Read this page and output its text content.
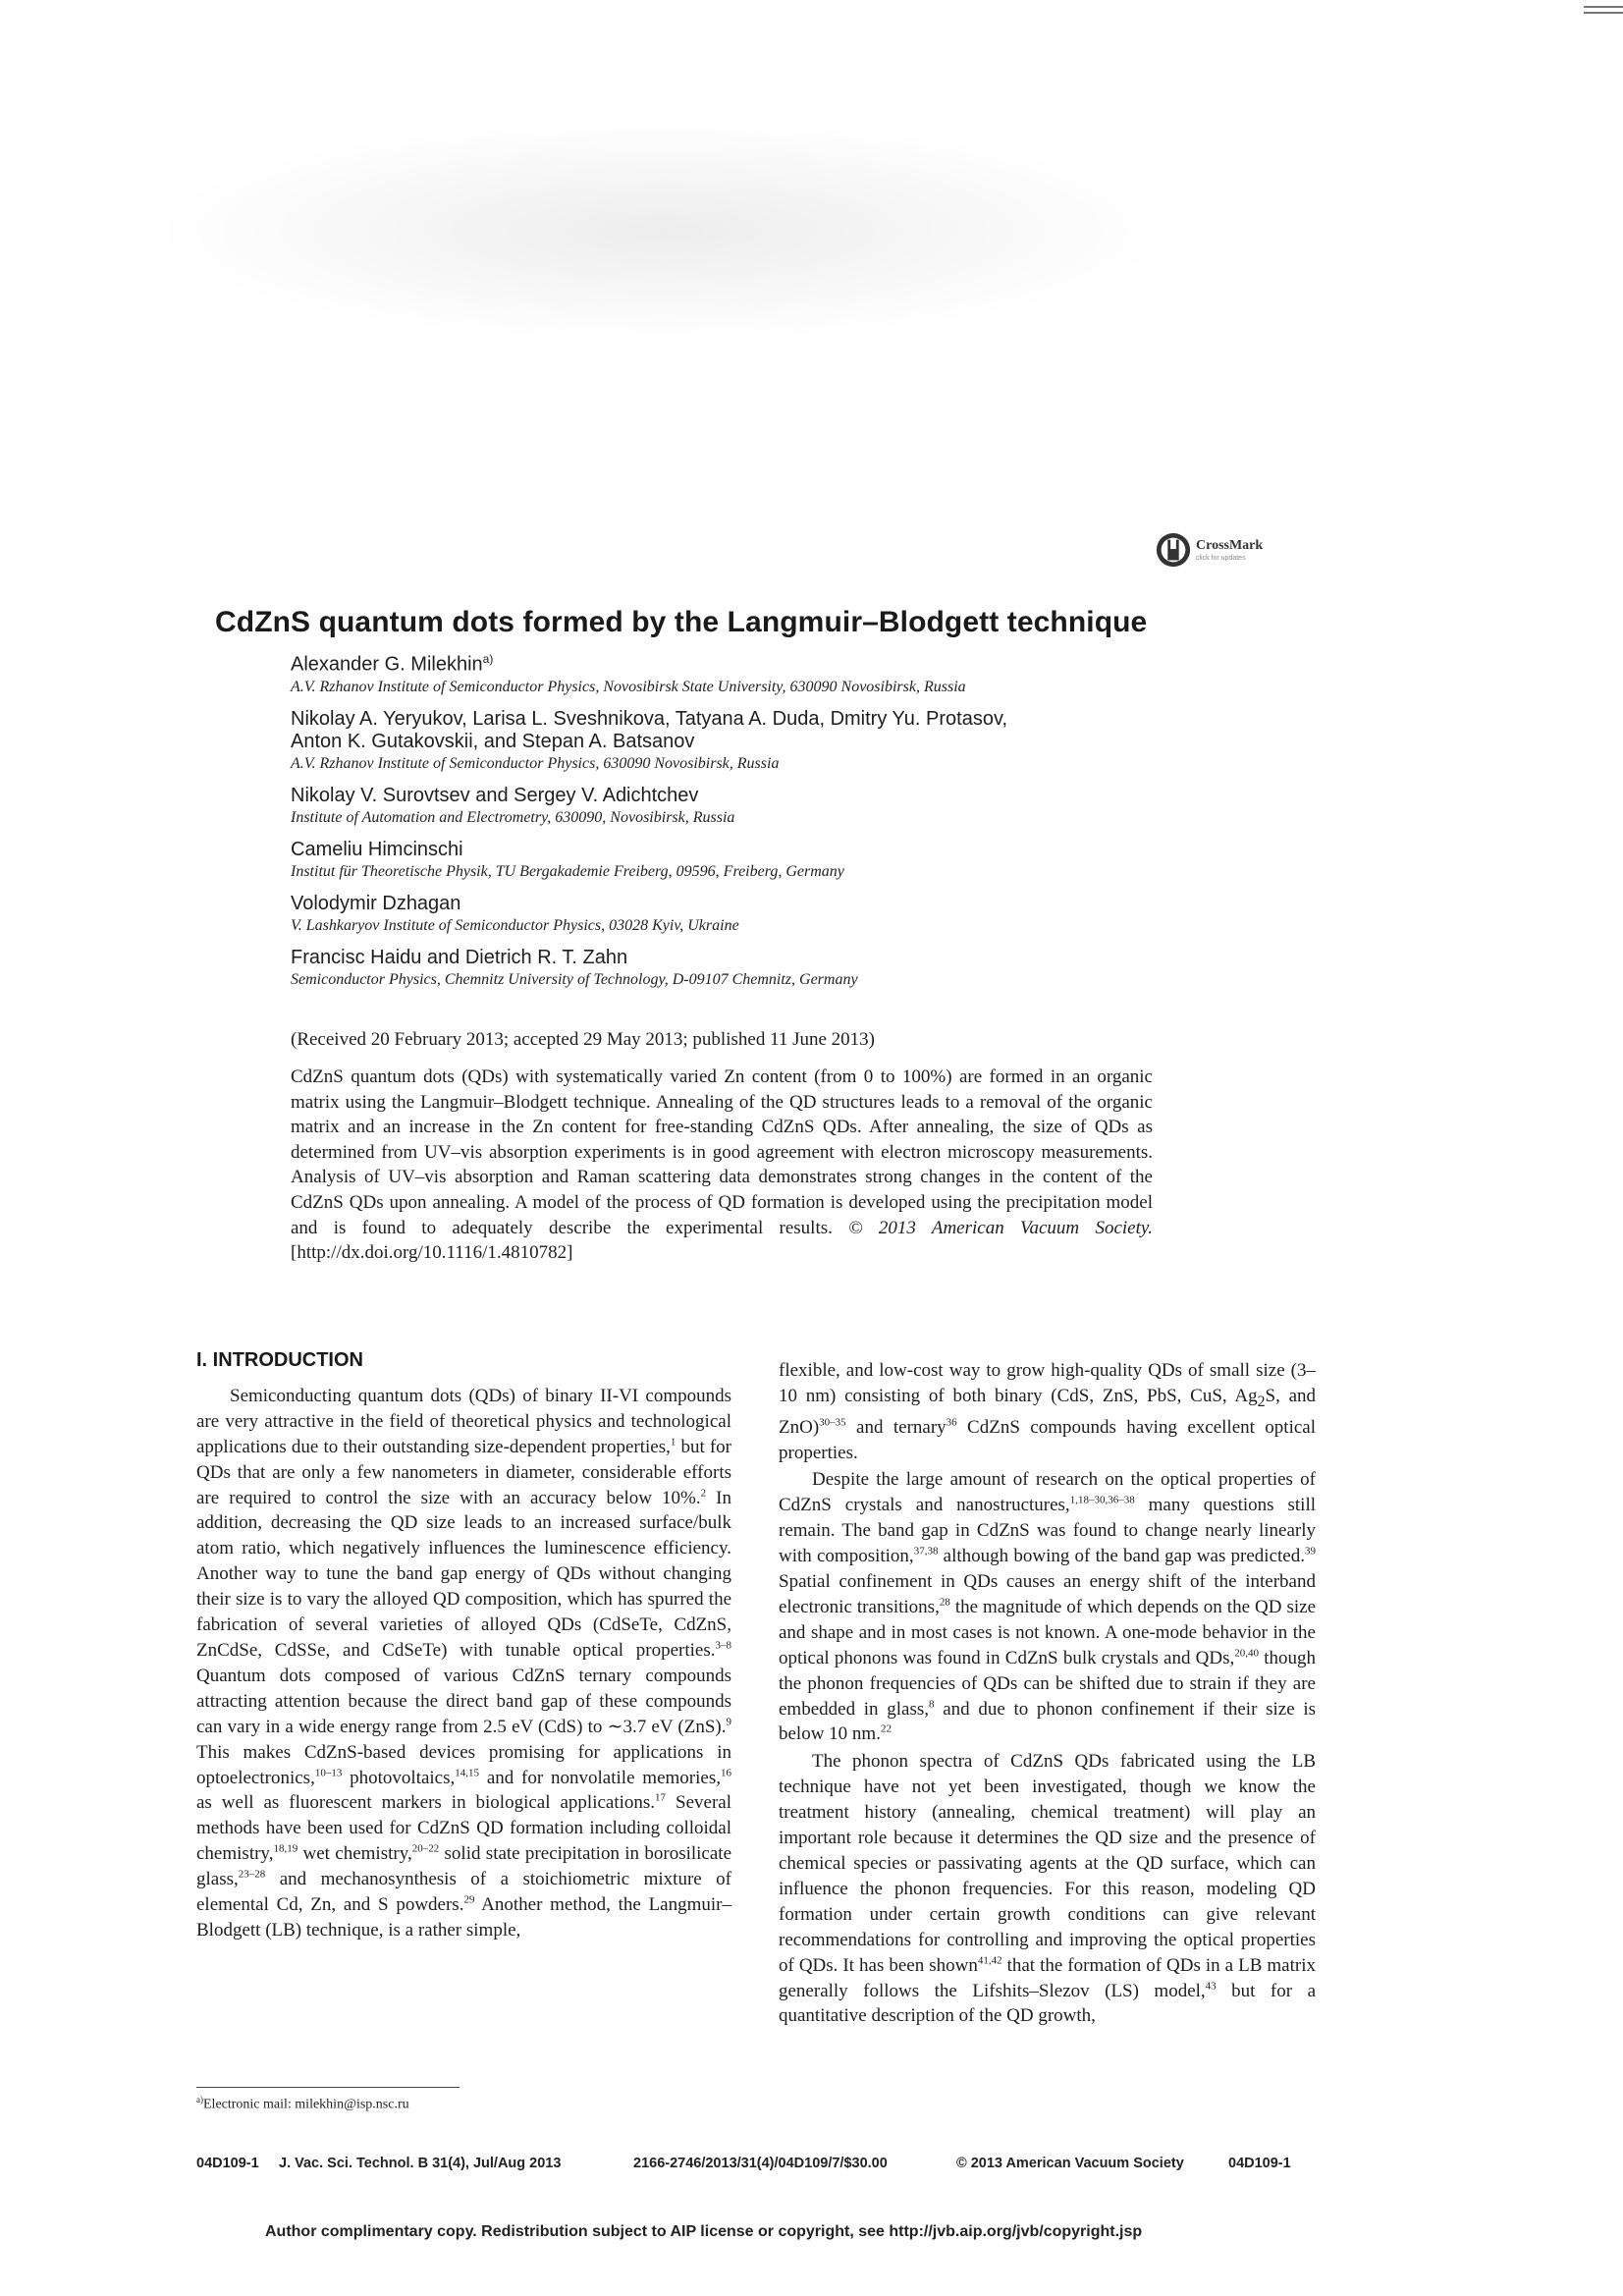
CrossMark
click for updates
CdZnS quantum dots formed by the Langmuir–Blodgett technique
Alexander G. Milekhin$^{a)}$
A.V. Rzhanov Institute of Semiconductor Physics, Novosibirsk State University, 630090 Novosibirsk, Russia
Nikolay A. Yeryukov, Larisa L. Sveshnikova, Tatyana A. Duda, Dmitry Yu. Protasov,
Anton K. Gutakovskii, and Stepan A. Batsanov
A.V. Rzhanov Institute of Semiconductor Physics, 630090 Novosibirsk, Russia
Nikolay V. Surovtsev and Sergey V. Adichtchev
Institute of Automation and Electrometry, 630090, Novosibirsk, Russia
Cameliu Himcinschi
Institut für Theoretische Physik, TU Bergakademie Freiberg, 09596, Freiberg, Germany
Volodymir Dzhagan
V. Lashkaryov Institute of Semiconductor Physics, 03028 Kyiv, Ukraine
Francisc Haidu and Dietrich R. T. Zahn
Semiconductor Physics, Chemnitz University of Technology, D-09107 Chemnitz, Germany
(Received 20 February 2013; accepted 29 May 2013; published 11 June 2013)
CdZnS quantum dots (QDs) with systematically varied Zn content (from 0 to 100%) are formed in an organic matrix using the Langmuir–Blodgett technique. Annealing of the QD structures leads to a removal of the organic matrix and an increase in the Zn content for free-standing CdZnS QDs. After annealing, the size of QDs as determined from UV–vis absorption experiments is in good agreement with electron microscopy measurements. Analysis of UV–vis absorption and Raman scattering data demonstrates strong changes in the content of the CdZnS QDs upon annealing. A model of the process of QD formation is developed using the precipitation model and is found to adequately describe the experimental results. © 2013 American Vacuum Society. [http://dx.doi.org/10.1116/1.4810782]
I. INTRODUCTION

Semiconducting quantum dots (QDs) of binary II-VI compounds are very attractive in the field of theoretical physics and technological applications due to their outstanding size-dependent properties,$^1$ but for QDs that are only a few nanometers in diameter, considerable efforts are required to control the size with an accuracy below 10%.$^2$ In addition, decreasing the QD size leads to an increased surface/bulk atom ratio, which negatively influences the luminescence efficiency. Another way to tune the band gap energy of QDs without changing their size is to vary the alloyed QD composition, which has spurred the fabrication of several varieties of alloyed QDs (CdSeTe, CdZnS, ZnCdSe, CdSSe, and CdSeTe) with tunable optical properties.$^{3-8}$ Quantum dots composed of various CdZnS ternary compounds attracting attention because the direct band gap of these compounds can vary in a wide energy range from 2.5 eV (CdS) to ∼3.7 eV (ZnS).$^9$ This makes CdZnS-based devices promising for applications in optoelectronics,$^{10-13}$ photovoltaics,$^{14,15}$ and for nonvolatile memories,$^{16}$ as well as fluorescent markers in biological applications.$^{17}$ Several methods have been used for CdZnS QD formation including colloidal chemistry,$^{18,19}$ wet chemistry,$^{20-22}$ solid state precipitation in borosilicate glass,$^{23-28}$ and mechanosynthesis of a stoichiometric mixture of elemental Cd, Zn, and S powders.$^{29}$ Another method, the Langmuir–Blodgett (LB) technique, is a rather simple,

flexible, and low-cost way to grow high-quality QDs of small size (3–10 nm) consisting of both binary (CdS, ZnS, PbS, CuS, $Ag_2S$, and ZnO)$^{30-35}$ and ternary$^{36}$ CdZnS compounds having excellent optical properties.

Despite the large amount of research on the optical properties of CdZnS crystals and nanostructures,$^{1,18-30,36-38}$ many questions still remain. The band gap in CdZnS was found to change nearly linearly with composition,$^{37,38}$ although bowing of the band gap was predicted.$^{39}$ Spatial confinement in QDs causes an energy shift of the interband electronic transitions,$^{28}$ the magnitude of which depends on the QD size and shape and in most cases is not known. A one-mode behavior in the optical phonons was found in CdZnS bulk crystals and QDs,$^{20,40}$ though the phonon frequencies of QDs can be shifted due to strain if they are embedded in glass,$^8$ and due to phonon confinement if their size is below 10 nm.$^{22}$

The phonon spectra of CdZnS QDs fabricated using the LB technique have not yet been investigated, though we know the treatment history (annealing, chemical treatment) will play an important role because it determines the QD size and the presence of chemical species or passivating agents at the QD surface, which can influence the phonon frequencies. For this reason, modeling QD formation under certain growth conditions can give relevant recommendations for controlling and improving the optical properties of QDs. It has been shown$^{41,42}$ that the formation of QDs in a LB matrix generally follows the Lifshits–Slezov (LS) model,$^{43}$ but for a quantitative description of the QD growth,

$^{a)}$Electronic mail: milekhin@isp.nsc.ru
04D109-1 J. Vac. Sci. Technol. B 31(4), Jul/Aug 2013	2166-2746/2013/31(4)/04D109/7/$30.00	© 2013 American Vacuum Society	04D109-1
Author complimentary copy. Redistribution subject to AIP license or copyright, see http://jvb.aip.org/jvb/copyright.jsp
